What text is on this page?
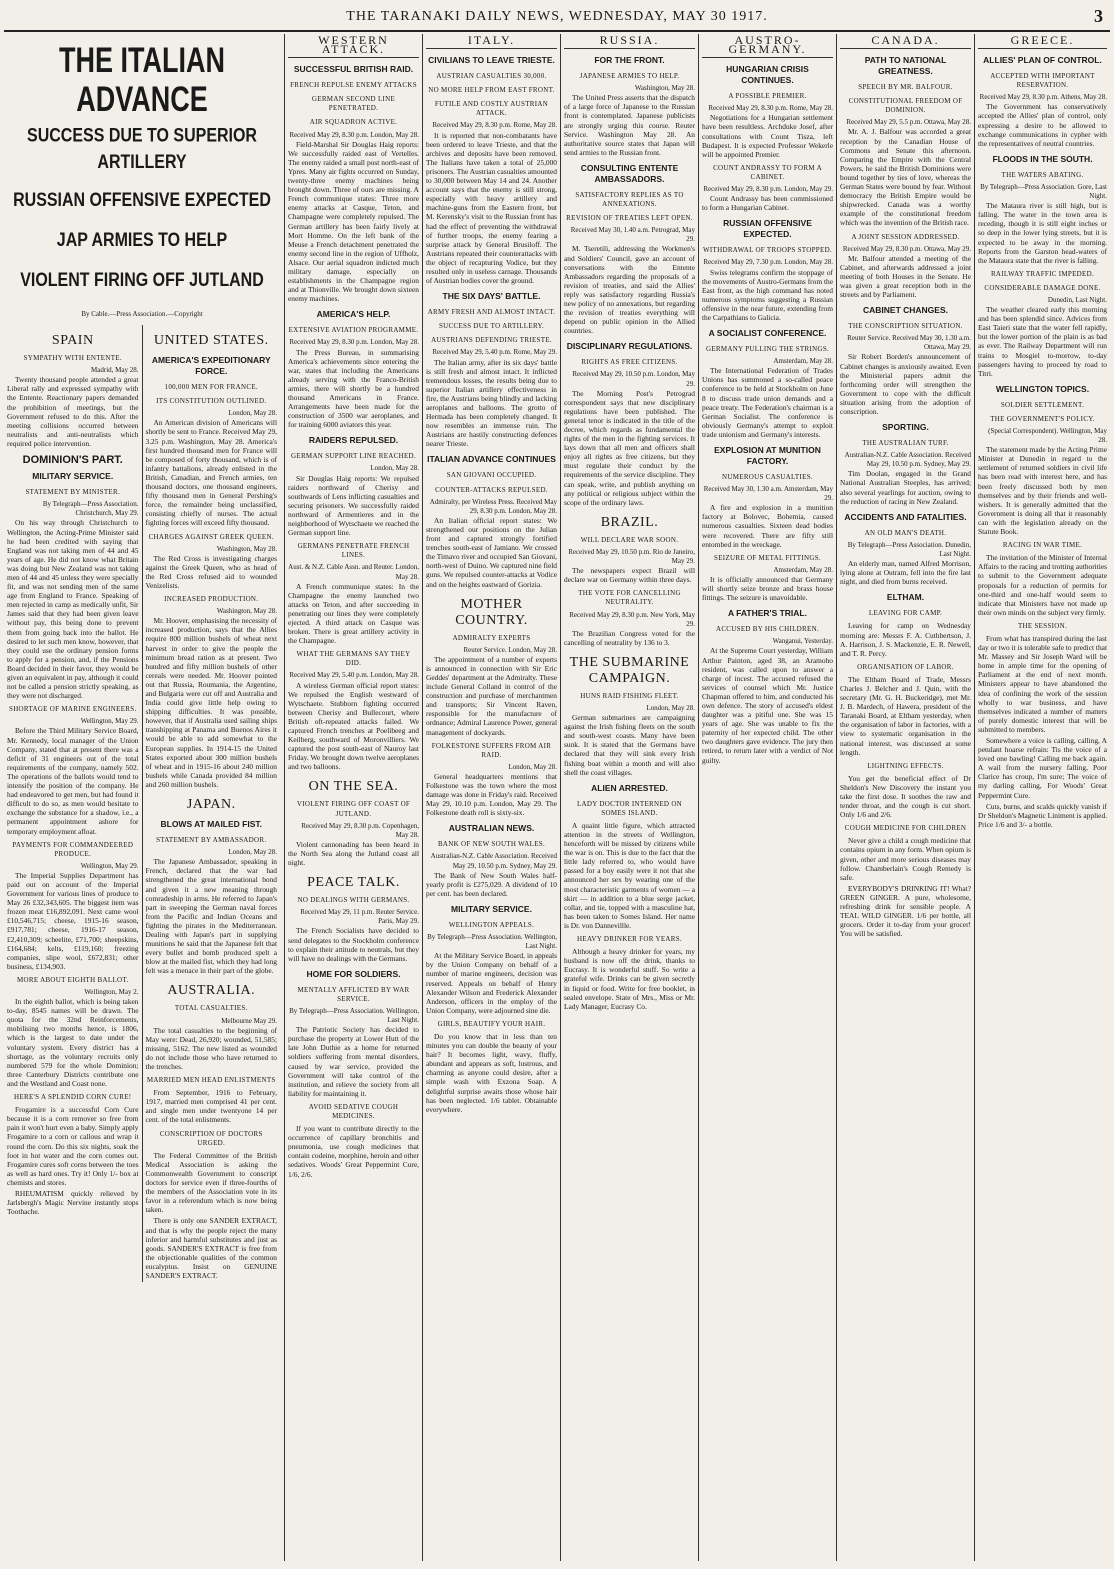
THE TARANAKI DAILY NEWS, WEDNESDAY, MAY 30 1917.	3
THE ITALIAN ADVANCE
SUCCESS DUE TO SUPERIOR ARTILLERY
RUSSIAN OFFENSIVE EXPECTED
JAP ARMIES TO HELP
VIOLENT FIRING OFF JUTLAND
By Cable.—Press Association.—Copyright
SPAIN
SYMPATHY WITH ENTENTE.
Madrid, May 28.

Twenty thousand people attended a great Liberal rally and expressed sympathy with the Entente. Reactionary papers demanded the prohibition of meetings, but the Government refused to do this. After the meeting collisions occurred between neutralists and anti-neutralists which required police intervention.

DOMINION'S PART.
MILITARY SERVICE.
STATEMENT BY MINISTER.
By Telegraph—Press Association. Christchurch, May 29.

On his way through Christchurch to Wellington, the Acting-Prime Minister said he had been credited with saying that England was not taking men of 44 and 45 years of age. He did not know what Britain was doing but New Zealand was not taking men of 44 and 45 unless they were specially fit, and was not sending men of the same age from England to France. Speaking of men rejected in camp as medically unfit, Sir James said that they had been given leave without pay, this being done to prevent them from going back into the ballot. He desired to let such men know, however, that they could use the ordinary pension forms to apply for a pension, and, if the Pensions Board decided in their favor, they would be given an equivalent in pay, although it could not be called a pension strictly speaking, as they were not discharged.

SHORTAGE OF MARINE ENGINEERS.
Wellington, May 29.

Before the Third Military Service Board, Mr. Kennedy, local manager of the Union Company, stated that at present there was a deficit of 31 engineers out of the total requirements of the company, namely 502. The operations of the ballots would tend to intensify the position of the company. He had endeavored to get men, but had found it difficult to do so, as men would hesitate to exchange the substance for a shadow, i.e., a permanent appointment ashore for temporary employment afloat.

PAYMENTS FOR COMMANDEERED PRODUCE.
Wellington, May 29.

The Imperial Supplies Department has paid out on account of the Imperial Government for various lines of produce to May 26 £32,343,605. The biggest item was frozen meat £16,892,091. Next came wool £10,546,715; cheese, 1915-16 season, £917,781; cheese, 1916-17 season, £2,410,309; scheelite, £71,700; sheepskins, £164,684; kelts, £119,160; freezing companies, slipe wool, £672,831; other business, £134,903.

MORE ABOUT EIGHTH BALLOT.
Wellington, May 2.

In the eighth ballot, which is being taken to-day, 8545 names will be drawn. The quota for the 32nd Reinforcements, mobilising two months hence, is 1806, which is the largest to date under the voluntary system. Every district has a shortage, as the voluntary recruits only numbered 579 for the whole Dominion; three Canterbury Districts contribute one and the Westland and Coast none.

HERE'S A SPLENDID CORN CURE!

Frogamire is a successful Corn Cure because it is a corn remover so free from pain it won't hurt even a baby. Simply apply Frogamire to a corn or callous and wrap it round the corn. Do this six nights, soak the foot in hot water and the corn comes out. Frogamire cures soft corns between the toes as well as hard ones. Try it! Only 1/- box at chemists and stores.

RHEUMATISM quickly relieved by Jarlsbergh's Magic Nervine instantly stops Toothache.

UNITED STATES.
AMERICA'S EXPEDITIONARY FORCE.
100,000 MEN FOR FRANCE.
ITS CONSTITUTION OUTLINED.
London, May 28.

An American division of Americans will shortly be sent to France. Received May 29, 3.25 p.m. Washington, May 28. America's first hundred thousand men for France will be composed of forty thousand, which is of infantry battalions, already enlisted in the British, Canadian, and French armies, ten thousand doctors, one thousand engineers, fifty thousand men in General Pershing's force, the remainder being unclassified, consisting chiefly of nurses. The actual fighting forces will exceed fifty thousand.

CHARGES AGAINST GREEK QUEEN.
Washington, May 28.

The Red Cross is investigating charges against the Greek Queen, who as head of the Red Cross refused aid to wounded Venizelists.

INCREASED PRODUCTION.
Washington, May 28.

Mr. Hoover, emphasising the necessity of increased production, says that the Allies require 800 million bushels of wheat next harvest in order to give the people the minimum bread ration as at present. Two hundred and fifty million bushels of other cereals were needed. Mr. Hoover pointed out that Russia, Roumania, the Argentine, and Bulgaria were cut off and Australia and India could give little help owing to shipping difficulties. It was possible, however, that if Australia used sailing ships transhipping at Panama and Buenos Aires it would be able to add somewhat to the European supplies. In 1914-15 the United States exported about 300 million bushels of wheat and in 1915-16 about 240 million bushels while Canada provided 84 million and 260 million bushels.

JAPAN.
BLOWS AT MAILED FIST.
STATEMENT BY AMBASSADOR.
London, May 28.

The Japanese Ambassador, speaking in French, declared that the war had strengthened the great international bond and given it a new meaning through comradeship in arms. He referred to Japan's part in sweeping the German naval forces from the Pacific and Indian Oceans and fighting the pirates in the Mediterranean. Dealing with Japan's part in supplying munitions he said that the Japanese felt that every bullet and bomb produced spelt a blow at the mailed fist, which they had long felt was a menace in their part of the globe.

AUSTRALIA.
TOTAL CASUALTIES.
Melbourne May 29.

The total casualties to the beginning of May were: Dead, 26,920; wounded, 51,585; missing, 5162. The new listed as wounded do not include those who have returned to the trenches.

MARRIED MEN HEAD ENLISTMENTS

From September, 1916 to February, 1917, married men comprised 41 per cent. and single men under twentyone 14 per cent. of the total enlistments.

CONSCRIPTION OF DOCTORS URGED.

The Federal Committee of the British Medical Association is asking the Commonwealth Government to conscript doctors for service even if three-fourths of the members of the Association vote in its favor in a referendum which is now being taken.

There is only one SANDER EXTRACT, and that is why the people reject the many inferior and harmful substitutes and just as goods. SANDER'S EXTRACT is free from the objectionable qualities of the common eucalyptus. Insist on GENUINE SANDER'S EXTRACT.

WESTERN ATTACK.
SUCCESSFUL BRITISH RAID.
FRENCH REPULSE ENEMY ATTACKS
GERMAN SECOND LINE PENETRATED.
AIR SQUADRON ACTIVE.
Received May 29, 8.30 p.m. London, May 28.

Field-Marshal Sir Douglas Haig reports: We successfully raided east of Vertelles. The enemy raided a small post north-east of Ypres. Many air fights occurred on Sunday, twenty-three enemy machines being brought down. Three of ours are missing. A French communique states: Three more enemy attacks at Casque, Teton, and Champagne were completely repulsed. The German artillery has been fairly lively at Mort Homme. On the left bank of the Meuse a French detachment penetrated the enemy second line in the region of Uffholz, Alsace. Our aerial squadron indicted much military damage, especially on establishments in the Champagne region and at Thionville. We brought down sixteen enemy machines.

AMERICA'S HELP.
EXTENSIVE AVIATION PROGRAMME.
Received May 29, 8.30 p.m. London, May 28.

The Press Bureau, in summarising America's achievements since entering the war, states that including the Americans already serving with the Franco-British armies, there will shortly be a hundred thousand Americans in France. Arrangements have been made for the construction of 3500 war aeroplanes, and for training 6000 aviators this year.

RAIDERS REPULSED.
GERMAN SUPPORT LINE REACHED.
London, May 28.

Sir Douglas Haig reports: We repulsed raiders northward of Cherisy and southwards of Lens inflicting casualties and securing prisoners. We successfully raided northward of Armentieres and in the neighborhood of Wytschaete we reached the German support line.

GERMANS PENETRATE FRENCH LINES.
Aust. & N.Z. Cable Assn. and Reuter. London, May 28.

A French communique states: In the Champagne the enemy launched two attacks on Teton, and after succeeding in penetrating our lines they were completely ejected. A third attack on Casque was broken. There is great artillery activity in the Champagne.

WHAT THE GERMANS SAY THEY DID.
Received May 29, 5.40 p.m. London, May 28.

A wireless German official report states: We repulsed the English westward of Wytschaete. Stubborn fighting occurred between Cherisy and Bullecourt, where British oft-repeated attacks failed. We captured French trenches at Poelibeeg and Keilberg, southward of Moronvilliers. We captured the post south-east of Nauroy last Friday. We brought down twelve aeroplanes and two balloons.

ON THE SEA.
VIOLENT FIRING OFF COAST OF JUTLAND.
Received May 29, 8.30 p.m. Copenhagen, May 28.

Violent cannonading has been heard in the North Sea along the Jutland coast all night.

PEACE TALK.
NO DEALINGS WITH GERMANS.
Received May 29, 11 p.m. Reuter Service. Paris, May 29.

The French Socialists have decided to send delegates to the Stockholm conference to explain their attitude to neutrals, but they will have no dealings with the Germans.

HOME FOR SOLDIERS.
MENTALLY AFFLICTED BY WAR SERVICE.
By Telegraph—Press Association. Wellington, Last Night.

The Patriotic Society has decided to purchase the property at Lower Hutt of the late John Duthie as a home for returned soldiers suffering from mental disorders, caused by war service, provided the Government will take control of the institution, and relieve the society from all liability for maintaining it.

AVOID SEDATIVE COUGH MEDICINES.

If you want to contribute directly to the occurrence of capillary bronchitis and pneumonia, use cough medicines that contain codeine, morphine, heroin and other sedatives. Woods' Great Peppermint Cure, 1/6, 2/6.

ITALY.
CIVILIANS TO LEAVE TRIESTE.
AUSTRIAN CASUALTIES 30,000.
NO MORE HELP FROM EAST FRONT.
FUTILE AND COSTLY AUSTRIAN ATTACK.
Received May 29, 8.30 p.m. Rome, May 28.

It is reported that non-combatants have been ordered to leave Trieste, and that the archives and deposits have been removed. The Italians have taken a total of 25,000 prisoners. The Austrian casualties amounted to 30,000 between May 14 and 24. Another account says that the enemy is still strong, especially with heavy artillery and machine-guns from the Eastern front, but M. Kerensky's visit to the Russian front has had the effect of preventing the withdrawal of further troops, the enemy fearing a surprise attack by General Brusiloff. The Austrians repeated their counterattacks with the object of recapturing Vodice, but they resulted only in useless carnage. Thousands of Austrian bodies cover the ground.

THE SIX DAYS' BATTLE.
ARMY FRESH AND ALMOST INTACT.
SUCCESS DUE TO ARTILLERY.
AUSTRIANS DEFENDING TRIESTE.
Received May 29, 5.40 p.m. Rome, May 29.

The Italian army, after its six days' battle is still fresh and almost intact. It inflicted tremendous losses, the results being due to superior Italian artillery effectiveness in fire, the Austrians being blindly and lacking aeroplanes and balloons. The grotto of Hermada has been completely changed. It now resembles an immense ruin. The Austrians are hastily constructing defences nearer Trieste.

ITALIAN ADVANCE CONTINUES
SAN GIOVANI OCCUPIED.
COUNTER-ATTACKS REPULSED.
Admiralty, per Wireless Press. Received May 29, 8.30 p.m. London, May 28.

An Italian official report states: We strengthened our positions on the Julian front and captured strongly fortified trenches south-east of Jamiano. We crossed the Timavo river and occupied San Giovani, north-west of Duino. We captured nine field guns. We repulsed counter-attacks at Vodice and on the heights eastward of Gorizia.

MOTHER COUNTRY.
ADMIRALTY EXPERTS
Reuter Service. London, May 28.

The appointment of a number of experts is announced in connection with Sir Eric Geddes' department at the Admiralty. These include General Colland in control of the construction and purchase of merchantmen and transports; Sir Vincent Raven, responsible for the manufacture of ordnance; Admiral Laurence Power, general management of dockyards.

FOLKESTONE SUFFERS FROM AIR RAID.
London, May 28.

General headquarters mentions that Folkestone was the town where the most damage was done in Friday's raid. Received May 29, 10.10 p.m. London, May 29. The Folkestone death roll is sixty-six.

AUSTRALIAN NEWS.
BANK OF NEW SOUTH WALES.
Australian-N.Z. Cable Association. Received May 29, 10.50 p.m. Sydney, May 29.

The Bank of New South Wales half-yearly profit is £275,029. A dividend of 10 per cent. has been declared.

MILITARY SERVICE.
WELLINGTON APPEALS.
By Telegraph—Press Association. Wellington, Last Night.

At the Military Service Board, in appeals by the Union Company on behalf of a number of marine engineers, decision was reserved. Appeals on behalf of Henry Alexander Wilson and Frederick Alexander Anderson, officers in the employ of the Union Company, were adjourned sine die.

GIRLS, BEAUTIFY YOUR HAIR.

Do you know that in less than ten minutes you can double the beauty of your hair? It becomes light, wavy, fluffy, abundant and appears as soft, lustrous, and charming as anyone could desire, after a simple wash with Exzona Soap. A delightful surprise awaits those whose hair has been neglected. 1/6 tablet. Obtainable everywhere.

RUSSIA.
FOR THE FRONT.
JAPANESE ARMIES TO HELP.
Washington, May 28.

The United Press asserts that the dispatch of a large force of Japanese to the Russian front is contemplated. Japanese publicists are strongly urging this course. Reuter Service. Washington May 28. An authoritative source states that Japan will send armies to the Russian front.

CONSULTING ENTENTE AMBASSADORS.
SATISFACTORY REPLIES AS TO ANNEXATIONS.
REVISION OF TREATIES LEFT OPEN.
Received May 30, 1.40 a.m. Petrograd, May 29.

M. Tseretili, addressing the Workmen's and Soldiers' Council, gave an account of conversations with the Entente Ambassadors regarding the proposals of a revision of treaties, and said the Allies' reply was satisfactory regarding Russia's new policy of no annexations, but regarding the revision of treaties everything will depend on public opinion in the Allied countries.

DISCIPLINARY REGULATIONS.
RIGHTS AS FREE CITIZENS.
Received May 29, 10.50 p.m. London, May 29.

The Morning Post's Petrograd correspondent says that new disciplinary regulations have been published. The general tenor is indicated in the title of the decree, which regards as fundamental the rights of the men in the fighting services. It lays down that all men and officers shall enjoy all rights as free citizens, but they must regulate their conduct by the requirements of the service discipline. They can speak, write, and publish anything on any political or religious subject within the scope of the ordinary laws.

BRAZIL.
WILL DECLARE WAR SOON.
Received May 29, 10.50 p.m. Rio de Janeiro, May 29.

The newspapers expect Brazil will declare war on Germany within three days.

THE VOTE FOR CANCELLING NEUTRALITY.
Received May 29, 8.30 p.m. New York, May 29.

The Brazilian Congress voted for the cancelling of neutrality by 136 to 3.

THE SUBMARINE CAMPAIGN.
HUNS RAID FISHING FLEET.
London, May 28.

German submarines are campaigning against the Irish fishing fleets on the south and south-west coasts. Many have been sunk. It is stated that the Germans have declared that they will sink every Irish fishing boat within a month and will also shell the coast villages.

ALIEN ARRESTED.
LADY DOCTOR INTERNED ON SOMES ISLAND.

A quaint little figure, which attracted attention in the streets of Wellington, henceforth will be missed by citizens while the war is on. This is due to the fact that the little lady referred to, who would have passed for a boy easily were it not that she announced her sex by wearing one of the most characteristic garments of women — a skirt — in addition to a blue serge jacket, collar, and tie, topped with a masculine hat, has been taken to Somes Island. Her name is Dr. von Dannevillle.

HEAVY DRINKER FOR YEARS.

Although a heavy drinker for years, my husband is now off the drink, thanks to Eucrasy. It is wonderful stuff. So write a grateful wife. Drinks can be given secretly in liquid or food. Write for free booklet, in sealed envelope. State of Mrs., Miss or Mr. Lady Manager, Eucrasy Co.

AUSTRO-GERMANY.
HUNGARIAN CRISIS CONTINUES.
A POSSIBLE PREMIER.
Received May 29, 8.30 p.m. Rome, May 28.

Negotiations for a Hungarian settlement have been resultless. Archduke Josef, after consultations with Count Tisza, left Budapest. It is expected Professor Wekerle will be appointed Premier.

COUNT ANDRASSY TO FORM A CABINET.
Received May 29, 8.30 p.m. London, May 29.

Count Andrassy has been commissioned to form a Hungarian Cabinet.

RUSSIAN OFFENSIVE EXPECTED.
WITHDRAWAL OF TROOPS STOPPED.
Received May 29, 7.30 p.m. London, May 28.

Swiss telegrams confirm the stoppage of the movements of Austro-Germans from the East front, as the high command has noted numerous symptoms suggesting a Russian offensive in the near future, extending from the Carpathians to Galicia.

A SOCIALIST CONFERENCE.
GERMANY PULLING THE STRINGS.
Amsterdam, May 28.

The International Federation of Trades Unions has summoned a so-called peace conference to be held at Stockholm on June 8 to discuss trade union demands and a peace treaty. The Federation's chairman is a German Socialist. The conference is obviously Germany's attempt to exploit trade unionism and Germany's interests.

EXPLOSION AT MUNITION FACTORY.
NUMEROUS CASUALTIES.
Received May 30, 1.30 a.m. Amsterdam, May 29.

A fire and explosion in a munition factory at Bolovec, Bohemia, caused numerous casualties. Sixteen dead bodies were recovered. There are fifty still entombed in the wreckage.

SEIZURE OF METAL FITTINGS.
Amsterdam, May 28.

It is officially announced that Germany will shortly seize bronze and brass house fittings. The seizure is unavoidable.

A FATHER'S TRIAL.
ACCUSED BY HIS CHILDREN.
Wanganui, Yesterday.

At the Supreme Court yesterday, William Arthur Painton, aged 38, an Aramoho resident, was called upon to answer a charge of incest. The accused refused the services of counsel which Mr. Justice Chapman offered to him, and conducted his own defence. The story of accused's eldest daughter was a pitiful one. She was 15 years of age. She was unable to fix the paternity of her expected child. The other two daughters gave evidence. The jury then retired, to return later with a verdict of Not guilty.

CANADA.
PATH TO NATIONAL GREATNESS.
SPEECH BY MR. BALFOUR.
CONSTITUTIONAL FREEDOM OF DOMINION.
Received May 29, 5.5 p.m. Ottawa, May 28.

Mr. A. J. Balfour was accorded a great reception by the Canadian House of Commons and Senate this afternoon. Comparing the Empire with the Central Powers, he said the British Dominions were bound together by ties of love, whereas the German States were bound by fear. Without democracy the British Empire would be shipwrecked. Canada was a worthy example of the constitutional freedom which was the invention of the British race.

A JOINT SESSION ADDRESSED.
Received May 29, 8.30 p.m. Ottawa, May 29.

Mr. Balfour attended a meeting of the Cabinet, and afterwards addressed a joint meeting of both Houses in the Senate. He was given a great reception both in the streets and by Parliament.

CABINET CHANGES.
THE CONSCRIPTION SITUATION.
Reuter Service. Received May 30, 1.30 a.m. Ottawa, May 29.

Sir Robert Borden's announcement of Cabinet changes is anxiously awaited. Even the Ministerial papers admit the forthcoming order will strengthen the Government to cope with the difficult situation arising from the adoption of conscription.

SPORTING.
THE AUSTRALIAN TURF.
Australian-N.Z. Cable Association. Received May 29, 10.50 p.m. Sydney, May 29.

Tim Doolan, engaged in the Grand National Australian Steeples, has arrived; also several yearlings for auction, owing to the reduction of racing in New Zealand.

ACCIDENTS AND FATALITIES.
AN OLD MAN'S DEATH.
By Telegraph—Press Association. Dunedin, Last Night.

An elderly man, named Alfred Morrison, lying alone at Outram, fell into the fire last night, and died from burns received.

ELTHAM.
LEAVING FOR CAMP.

Leaving for camp on Wednesday morning are: Messrs F. A. Cuthbertson, J. A. Harrison, J. S. Mackenzie, E. R. Newell, and T. R. Percy.

ORGANISATION OF LABOR.

The Eltham Board of Trade, Messrs Charles J. Belcher and J. Quin, with the secretary (Mr. G. H. Buckeridge), met Mr. J. B. Mardech, of Hawera, president of the Taranaki Board, at Eltham yesterday, when the organisation of labor in factories, with a view to systematic organisation in the national interest, was discussed at some length.

LIGHTNING EFFECTS.

You get the beneficial effect of Dr Sheldon's New Discovery the instant you take the first dose. It soothes the raw and tender throat, and the cough is cut short. Only 1/6 and 2/6.

COUGH MEDICINE FOR CHILDREN

Never give a child a cough medicine that contains opium in any form. When opium is given, other and more serious diseases may follow. Chamberlain's Cough Remedy is safe.

EVERYBODY'S DRINKING IT! What? GREEN GINGER. A pure, wholesome, refreshing drink for sensible people. A TEAL WILD GINGER. 1/6 per bottle, all grocers. Order it to-day from your grocer! You will be satisfied.

GREECE.
ALLIES' PLAN OF CONTROL.
ACCEPTED WITH IMPORTANT RESERVATION.
Received May 29, 8.30 p.m. Athens, May 28.

The Government has conservatively accepted the Allies' plan of control, only expressing a desire to be allowed to exchange communications in cypher with the representatives of neutral countries.

FLOODS IN THE SOUTH.
THE WATERS ABATING.
By Telegraph—Press Association. Gore, Last Night.

The Mataura river is still high, but is falling. The water in the town area is receding, though it is still eight inches or so deep in the lower lying streets, but it is expected to be away in the morning. Reports from the Garston head-waters of the Mataura state that the river is falling.

RAILWAY TRAFFIC IMPEDED.
CONSIDERABLE DAMAGE DONE.
Dunedin, Last Night.

The weather cleared early this morning and has been splendid since. Advices from East Taieri state that the water fell rapidly, but the lower portion of the plain is as bad as ever. The Railway Department will run trains to Mosgiel to-morrow, to-day passengers having to proceed by road to Titri.

WELLINGTON TOPICS.
SOLDIER SETTLEMENT.
THE GOVERNMENT'S POLICY.
(Special Correspondent). Wellington, May 28.

The statement made by the Acting Prime Minister at Dunedin in regard to the settlement of returned soldiers in civil life has been read with interest here, and has been freely discussed both by men themselves and by their friends and well-wishers. It is generally admitted that the Government is doing all that it reasonably can with the legislation already on the Statute Book.

RACING IN WAR TIME.

The invitation of the Minister of Internal Affairs to the racing and trotting authorities to submit to the Government adequate proposals for a reduction of permits for one-third and one-half would seem to indicate that Ministers have not made up their own minds on the subject very firmly.

THE SESSION.

From what has transpired during the last day or two it is tolerable safe to predict that Mr. Massey and Sir Joseph Ward will be home in ample time for the opening of Parliament at the end of next month. Ministers appear to have abandoned the idea of confining the work of the session wholly to war business, and have themselves indicated a number of matters of purely domestic interest that will be submitted to members.

Somewhere a voice is calling, calling, A petulant hoarse refrain: Tis the voice of a loved one bawling! Calling me back again. A wail from the nursery falling, Poor Clarice has croup, I'm sure; The voice of my darling calling, For Woods' Great Peppermint Cure.

Cuts, burns, and scalds quickly vanish if Dr Sheldon's Magnetic Liniment is applied. Price 1/6 and 3/- a bottle.
